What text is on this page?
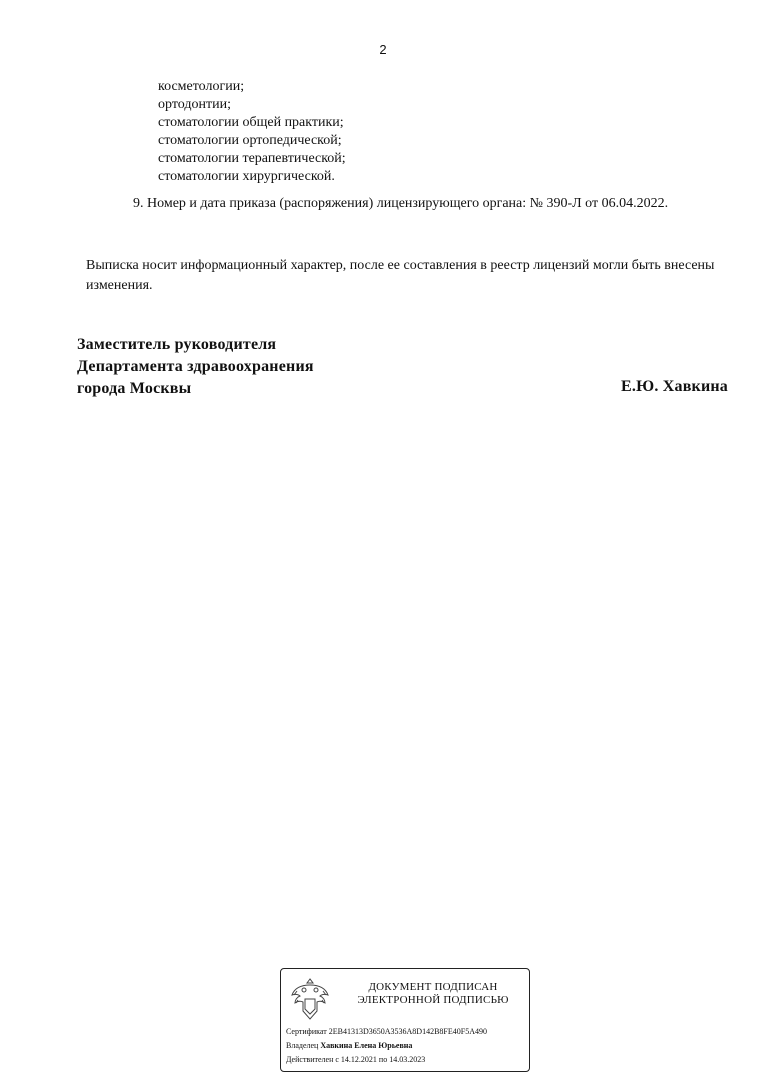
2
косметологии;
ортодонтии;
стоматологии общей практики;
стоматологии ортопедической;
стоматологии терапевтической;
стоматологии хирургической.
9. Номер и дата приказа (распоряжения) лицензирующего органа: № 390-Л от 06.04.2022.
Выписка носит информационный характер, после ее составления в реестр лицензий могли быть внесены изменения.
Заместитель руководителя
Департамента здравоохранения
города Москвы	Е.Ю. Хавкина
ДОКУМЕНТ ПОДПИСАН
ЭЛЕКТРОННОЙ ПОДПИСЬЮ
Сертификат 2EB41313D3650A3536A8D142B8FE40F5A490
Владелец Хавкина Елена Юрьевна
Действителен с 14.12.2021 по 14.03.2023
